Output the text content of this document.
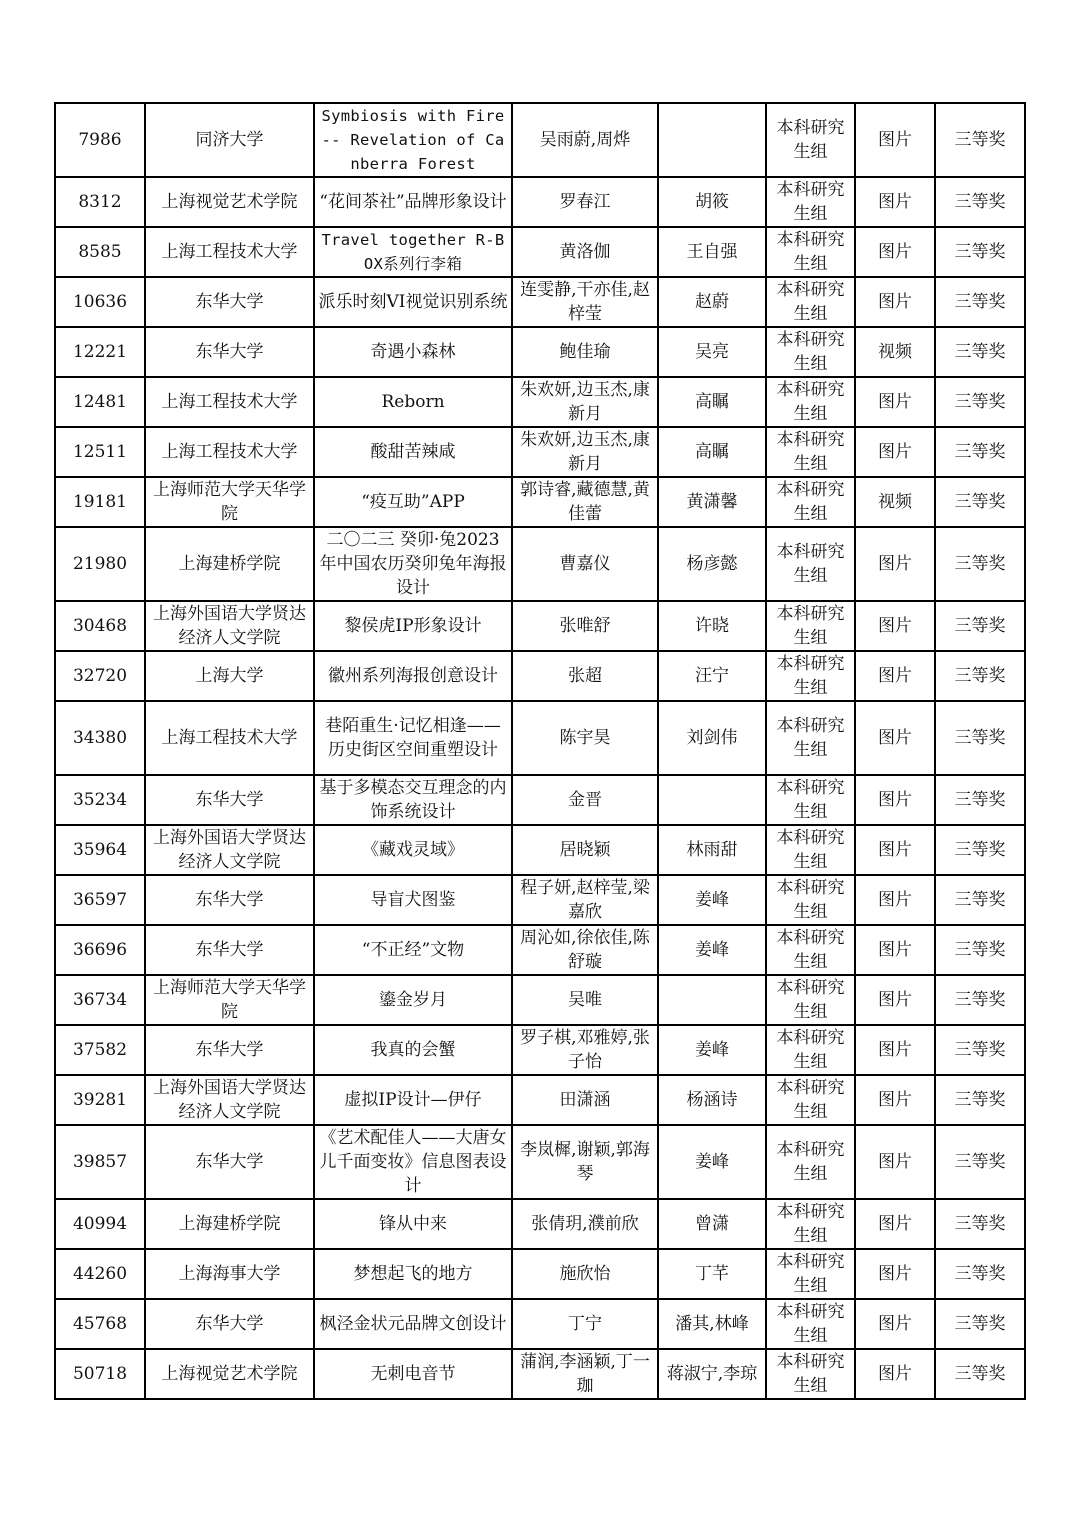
7986	同济大学	Symbiosis with Fire -- Revelation of Canberra Forest	吴雨蔚,周烨		本科研究生组	图片	三等奖
8312	上海视觉艺术学院	“花间茶社”品牌形象设计	罗春江	胡筱	本科研究生组	图片	三等奖
8585	上海工程技术大学	Travel together R-BOX系列行李箱	黄洛伽	王自强	本科研究生组	图片	三等奖
10636	东华大学	派乐时刻VI视觉识别系统	连雯静,干亦佳,赵梓莹	赵蔚	本科研究生组	图片	三等奖
12221	东华大学	奇遇小森林	鲍佳瑜	吴亮	本科研究生组	视频	三等奖
12481	上海工程技术大学	Reborn	朱欢妍,边玉杰,康新月	高瞩	本科研究生组	图片	三等奖
12511	上海工程技术大学	酸甜苦辣咸	朱欢妍,边玉杰,康新月	高瞩	本科研究生组	图片	三等奖
19181	上海师范大学天华学院	“疫互助”APP	郭诗睿,藏德慧,黄佳蕾	黄潇馨	本科研究生组	视频	三等奖
21980	上海建桥学院	二〇二三 癸卯·兔2023年中国农历癸卯兔年海报设计	曹嘉仪	杨彦懿	本科研究生组	图片	三等奖
30468	上海外国语大学贤达经济人文学院	黎侯虎IP形象设计	张唯舒	许晓	本科研究生组	图片	三等奖
32720	上海大学	徽州系列海报创意设计	张超	汪宁	本科研究生组	图片	三等奖
34380	上海工程技术大学	巷陌重生·记忆相逢——历史街区空间重塑设计	陈宇昊	刘剑伟	本科研究生组	图片	三等奖
35234	东华大学	基于多模态交互理念的内饰系统设计	金晋		本科研究生组	图片	三等奖
35964	上海外国语大学贤达经济人文学院	《藏戏灵域》	居晓颖	林雨甜	本科研究生组	图片	三等奖
36597	东华大学	导盲犬图鉴	程子妍,赵梓莹,梁嘉欣	姜峰	本科研究生组	图片	三等奖
36696	东华大学	“不正经”文物	周沁如,徐依佳,陈舒璇	姜峰	本科研究生组	图片	三等奖
36734	上海师范大学天华学院	鎏金岁月	吴唯		本科研究生组	图片	三等奖
37582	东华大学	我真的会蟹	罗子棋,邓雅婷,张子怡	姜峰	本科研究生组	图片	三等奖
39281	上海外国语大学贤达经济人文学院	虚拟IP设计—伊仔	田潇涵	杨涵诗	本科研究生组	图片	三等奖
39857	东华大学	《艺术配佳人——大唐女儿千面变妆》信息图表设计	李岚樨,谢颖,郭海琴	姜峰	本科研究生组	图片	三等奖
40994	上海建桥学院	锋从中来	张倩玥,濮前欣	曾潇	本科研究生组	图片	三等奖
44260	上海海事大学	梦想起飞的地方	施欣怡	丁芊	本科研究生组	图片	三等奖
45768	东华大学	枫泾金状元品牌文创设计	丁宁	潘其,林峰	本科研究生组	图片	三等奖
50718	上海视觉艺术学院	无刺电音节	蒲润,李涵颖,丁一珈	蒋淑宁,李琼	本科研究生组	图片	三等奖
